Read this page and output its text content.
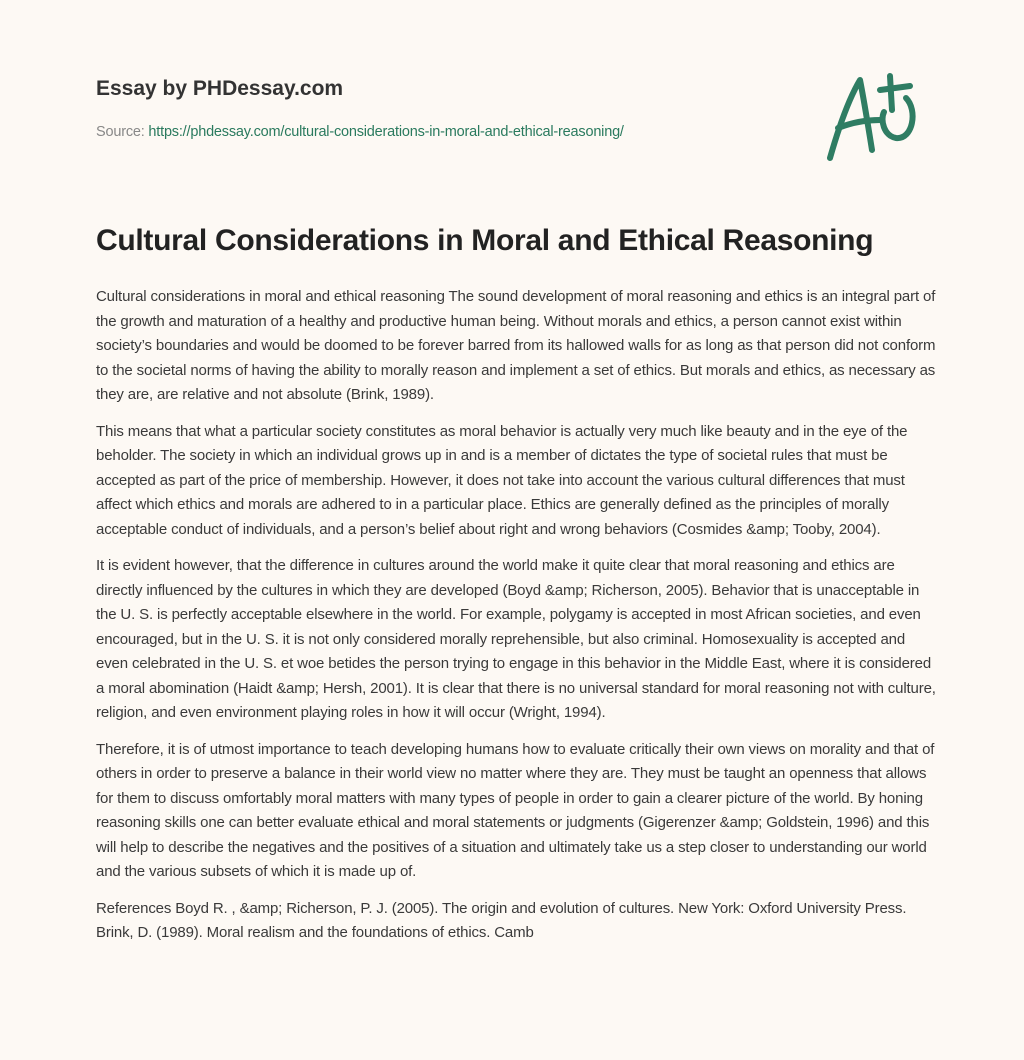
Essay by PHDessay.com
Source: https://phdessay.com/cultural-considerations-in-moral-and-ethical-reasoning/
Cultural Considerations in Moral and Ethical Reasoning

Cultural considerations in moral and ethical reasoning The sound development of moral reasoning and ethics is an integral part of the growth and maturation of a healthy and productive human being. Without morals and ethics, a person cannot exist within society’s boundaries and would be doomed to be forever barred from its hallowed walls for as long as that person did not conform to the societal norms of having the ability to morally reason and implement a set of ethics. But morals and ethics, as necessary as they are, are relative and not absolute (Brink, 1989).

This means that what a particular society constitutes as moral behavior is actually very much like beauty and in the eye of the beholder. The society in which an individual grows up in and is a member of dictates the type of societal rules that must be accepted as part of the price of membership. However, it does not take into account the various cultural differences that must affect which ethics and morals are adhered to in a particular place. Ethics are generally defined as the principles of morally acceptable conduct of individuals, and a person’s belief about right and wrong behaviors (Cosmides &amp; Tooby, 2004).

It is evident however, that the difference in cultures around the world make it quite clear that moral reasoning and ethics are directly influenced by the cultures in which they are developed (Boyd &amp; Richerson, 2005). Behavior that is unacceptable in the U. S. is perfectly acceptable elsewhere in the world. For example, polygamy is accepted in most African societies, and even encouraged, but in the U. S. it is not only considered morally reprehensible, but also criminal. Homosexuality is accepted and even celebrated in the U. S. et woe betides the person trying to engage in this behavior in the Middle East, where it is considered a moral abomination (Haidt &amp; Hersh, 2001). It is clear that there is no universal standard for moral reasoning not with culture, religion, and even environment playing roles in how it will occur (Wright, 1994).

Therefore, it is of utmost importance to teach developing humans how to evaluate critically their own views on morality and that of others in order to preserve a balance in their world view no matter where they are. They must be taught an openness that allows for them to discuss omfortably moral matters with many types of people in order to gain a clearer picture of the world. By honing reasoning skills one can better evaluate ethical and moral statements or judgments (Gigerenzer &amp; Goldstein, 1996) and this will help to describe the negatives and the positives of a situation and ultimately take us a step closer to understanding our world and the various subsets of which it is made up of.

References Boyd R. , &amp; Richerson, P. J. (2005). The origin and evolution of cultures. New York: Oxford University Press. Brink, D. (1989). Moral realism and the foundations of ethics. Camb
